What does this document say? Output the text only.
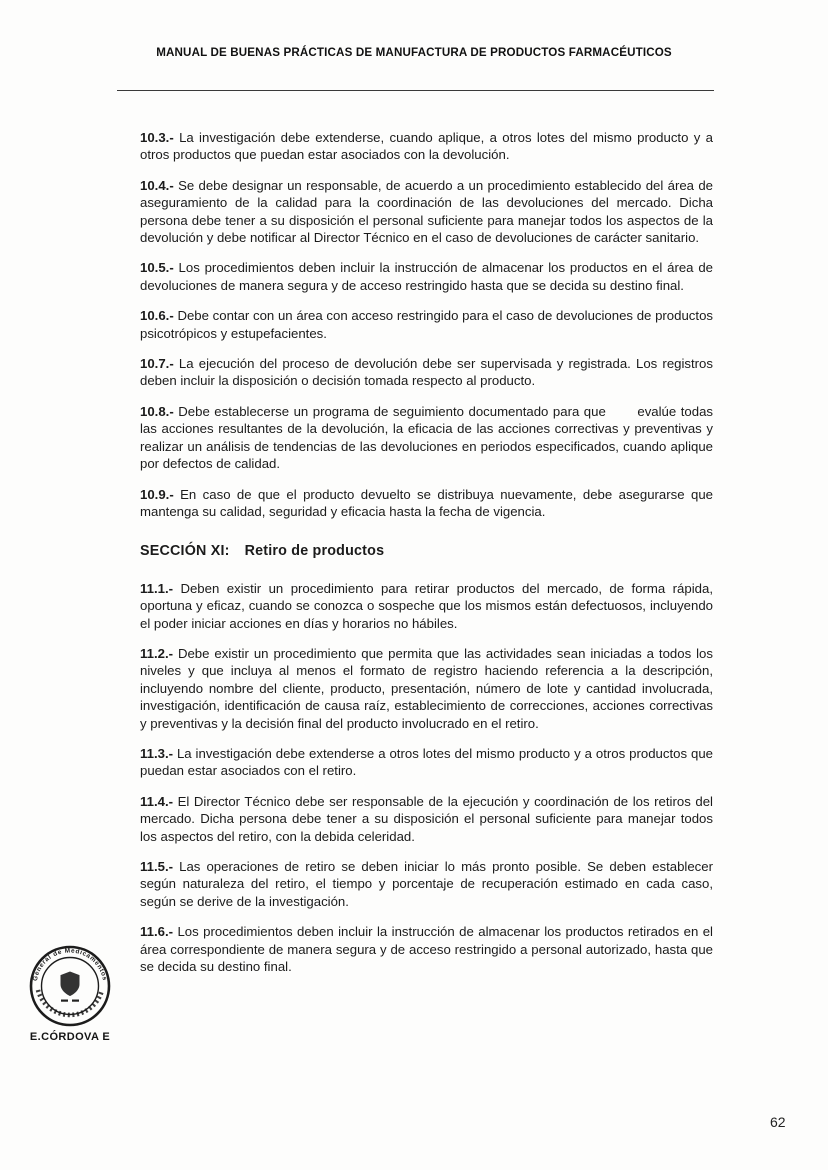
MANUAL DE BUENAS PRÁCTICAS DE MANUFACTURA DE PRODUCTOS FARMACÉUTICOS

10.3.- La investigación debe extenderse, cuando aplique, a otros lotes del mismo producto y a otros productos que puedan estar asociados con la devolución.

10.4.- Se debe designar un responsable, de acuerdo a un procedimiento establecido del área de aseguramiento de la calidad para la coordinación de las devoluciones del mercado. Dicha persona debe tener a su disposición el personal suficiente para manejar todos los aspectos de la devolución y debe notificar al Director Técnico en el caso de devoluciones de carácter sanitario.

10.5.- Los procedimientos deben incluir la instrucción de almacenar los productos en el área de devoluciones de manera segura y de acceso restringido hasta que se decida su destino final.

10.6.- Debe contar con un área con acceso restringido para el caso de devoluciones de productos psicotrópicos y estupefacientes.

10.7.- La ejecución del proceso de devolución debe ser supervisada y registrada. Los registros deben incluir la disposición o decisión tomada respecto al producto.

10.8.- Debe establecerse un programa de seguimiento documentado para que       evalúe todas las acciones resultantes de la devolución, la eficacia de las acciones correctivas y preventivas y realizar un análisis de tendencias de las devoluciones en periodos especificados, cuando aplique por defectos de calidad.

10.9.- En caso de que el producto devuelto se distribuya nuevamente, debe asegurarse que mantenga su calidad, seguridad y eficacia hasta la fecha de vigencia.

SECCIÓN XI: Retiro de productos

11.1.- Deben existir un procedimiento para retirar productos del mercado, de forma rápida, oportuna y eficaz, cuando se conozca o sospeche que los mismos están defectuosos, incluyendo el poder iniciar acciones en días y horarios no hábiles.

11.2.- Debe existir un procedimiento que permita que las actividades sean iniciadas a todos los niveles y que incluya al menos el formato de registro haciendo referencia a la descripción, incluyendo nombre del cliente, producto, presentación, número de lote y cantidad involucrada, investigación, identificación de causa raíz, establecimiento de correcciones, acciones correctivas y preventivas y la decisión final del producto involucrado en el retiro.

11.3.- La investigación debe extenderse a otros lotes del mismo producto y a otros productos que puedan estar asociados con el retiro.

11.4.- El Director Técnico debe ser responsable de la ejecución y coordinación de los retiros del mercado. Dicha persona debe tener a su disposición el personal suficiente para manejar todos los aspectos del retiro, con la debida celeridad.

11.5.- Las operaciones de retiro se deben iniciar lo más pronto posible. Se deben establecer según naturaleza del retiro, el tiempo y porcentaje de recuperación estimado en cada caso, según se derive de la investigación.

11.6.- Los procedimientos deben incluir la instrucción de almacenar los productos retirados en el área correspondiente de manera segura y de acceso restringido a personal autorizado, hasta que se decida su destino final.

General de Medicamentos
E.CÓRDOVA E
62
